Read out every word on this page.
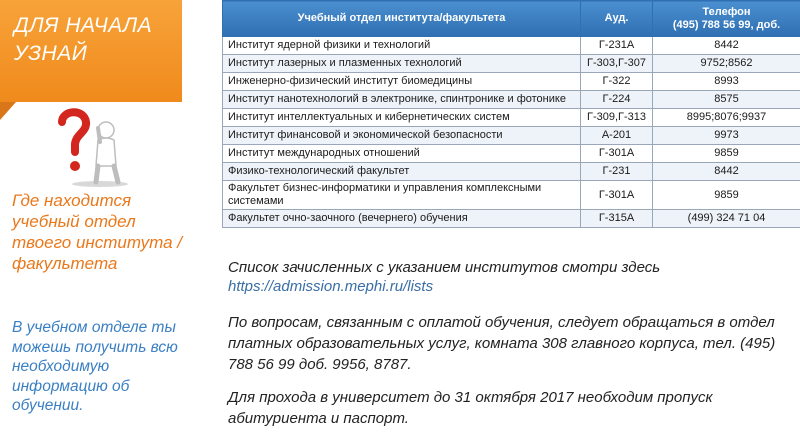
ДЛЯ НАЧАЛА
УЗНАЙ
Где находится учебный отдел твоего института /факультета
В учебном отделе ты можешь получить всю необходимую информацию об обучении.
Учебный отдел института/факультета	Ауд.	Телефон
(495) 788 56 99, доб.

Институт ядерной физики и технологий	Г-231А	8442
Институт лазерных и плазменных технологий	Г-303,Г-307	9752;8562
Инженерно-физический институт биомедицины	Г-322	8993
Институт нанотехнологий в электронике, спинтронике и фотонике	Г-224	8575
Институт интеллектуальных и кибернетических систем	Г-309,Г-313	8995;8076;9937
Институт финансовой и экономической безопасности	А-201	9973
Институт международных отношений	Г-301А	9859
Физико-технологический факультет	Г-231	8442
Факультет бизнес-информатики и управления комплексными системами	Г-301А	9859
Факультет очно-заочного (вечернего) обучения	Г-315А	(499) 324 71 04
Список зачисленных с указанием институтов смотри здесь
https://admission.mephi.ru/lists
По вопросам, связанным с оплатой обучения, следует обращаться в отдел платных образовательных услуг, комната 308 главного корпуса, тел. (495) 788 56 99 доб. 9956, 8787.
Для прохода в университет до 31 октября 2017 необходим пропуск абитуриента и паспорт.
